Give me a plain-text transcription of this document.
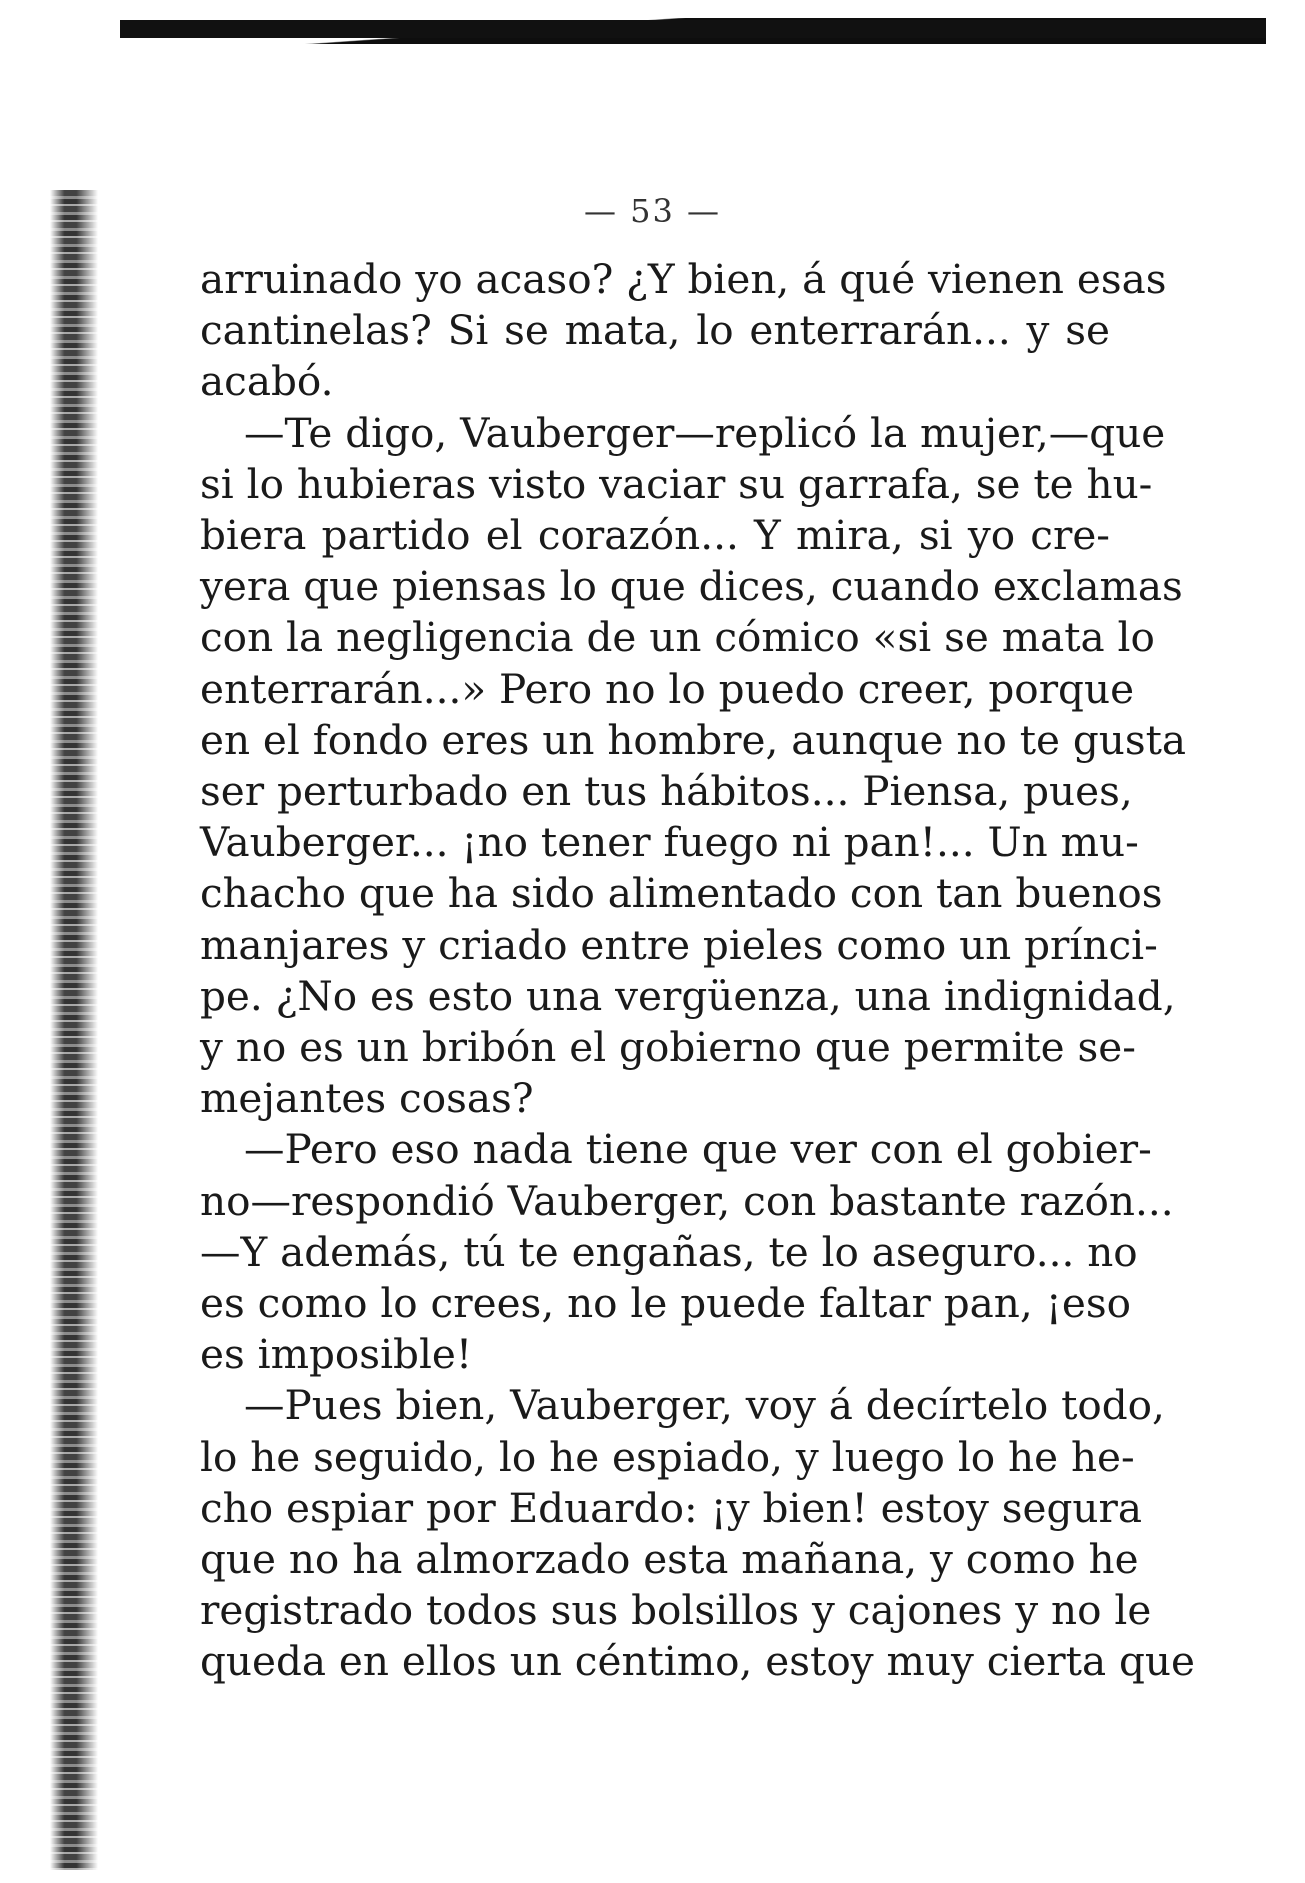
— 53 —
arruinado yo acaso? ¿Y bien, á qué vienen esas
cantinelas? Si se mata, lo enterrarán... y se
acabó.
—Te digo, Vauberger—replicó la mujer,—que
si lo hubieras visto vaciar su garrafa, se te hu-
biera partido el corazón... Y mira, si yo cre-
yera que piensas lo que dices, cuando exclamas
con la negligencia de un cómico «si se mata lo
enterrarán...» Pero no lo puedo creer, porque
en el fondo eres un hombre, aunque no te gusta
ser perturbado en tus hábitos... Piensa, pues,
Vauberger... ¡no tener fuego ni pan!... Un mu-
chacho que ha sido alimentado con tan buenos
manjares y criado entre pieles como un prínci-
pe. ¿No es esto una vergüenza, una indignidad,
y no es un bribón el gobierno que permite se-
mejantes cosas?
—Pero eso nada tiene que ver con el gobier-
no—respondió Vauberger, con bastante razón...
—Y además, tú te engañas, te lo aseguro... no
es como lo crees, no le puede faltar pan, ¡eso
es imposible!
—Pues bien, Vauberger, voy á decírtelo todo,
lo he seguido, lo he espiado, y luego lo he he-
cho espiar por Eduardo: ¡y bien! estoy segura
que no ha almorzado esta mañana, y como he
registrado todos sus bolsillos y cajones y no le
queda en ellos un céntimo, estoy muy cierta que
